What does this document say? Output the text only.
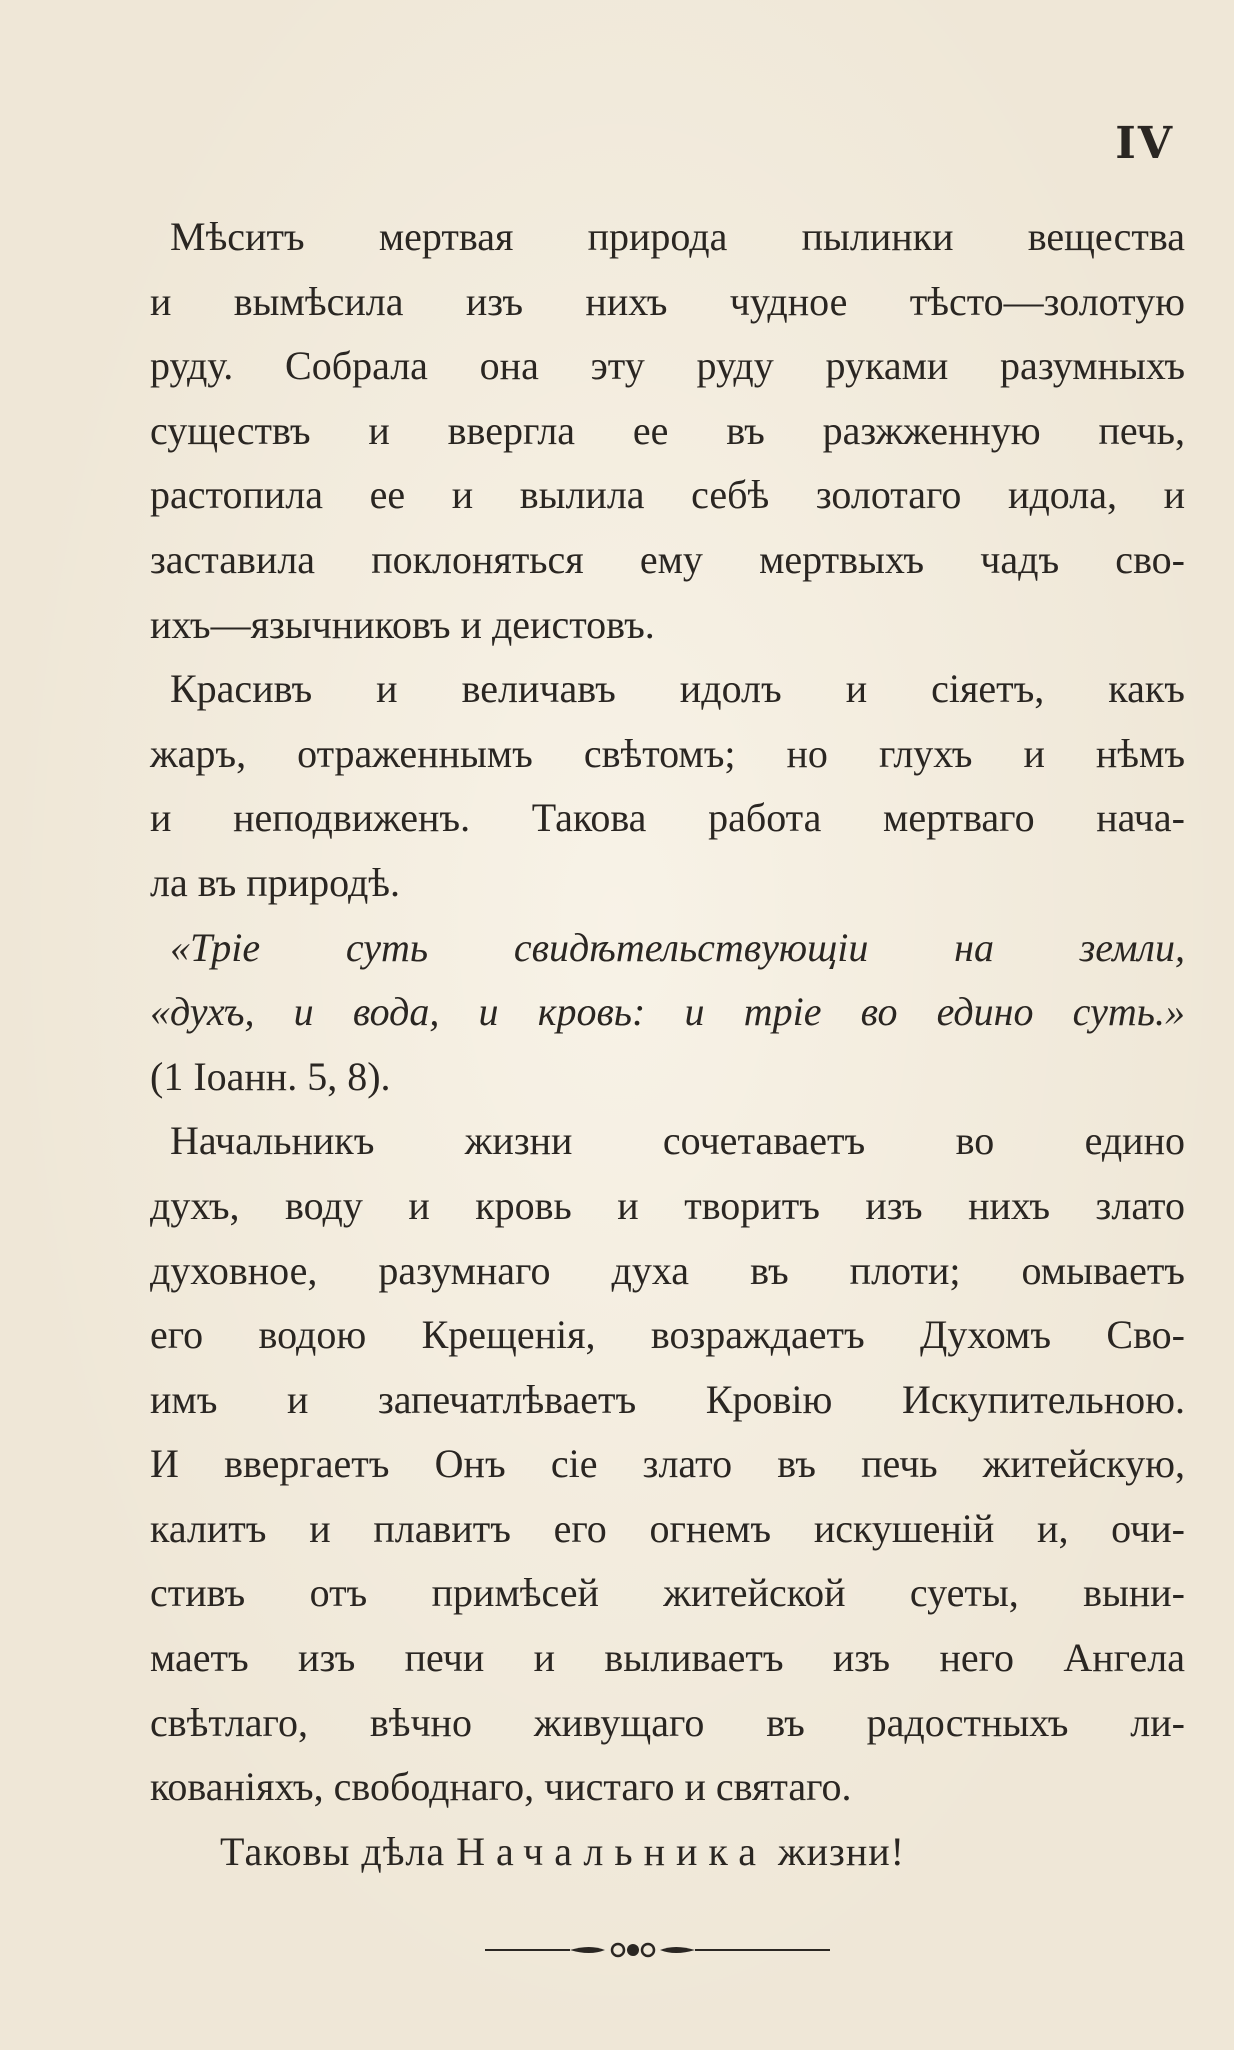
IV
Мѣситъ мертвая природа пылинки вещества
и вымѣсила изъ нихъ чудное тѣсто—золотую
руду. Собрала она эту руду руками разумныхъ
существъ и ввергла ее въ разжженную печь,
растопила ее и вылила себѣ золотаго идола, и
заставила поклоняться ему мертвыхъ чадъ сво-
ихъ—язычниковъ и деистовъ.
Красивъ и величавъ идолъ и сіяетъ, какъ
жаръ, отраженнымъ свѣтомъ; но глухъ и нѣмъ
и неподвиженъ. Такова работа мертваго нача-
ла въ природѣ.
«Тріе суть свидѣтельствующіи на земли,
«духъ, и вода, и кровь: и тріе во едино суть.»
(1 Іоанн. 5, 8).
Начальникъ жизни сочетаваетъ во едино
духъ, воду и кровь и творитъ изъ нихъ злато
духовное, разумнаго духа въ плоти; омываетъ
его водою Крещенія, возраждаетъ Духомъ Сво-
имъ и запечатлѣваетъ Кровію Искупительною.
И ввергаетъ Онъ сіе злато въ печь житейскую,
калитъ и плавитъ его огнемъ искушеній и, очи-
стивъ отъ примѣсей житейской суеты, выни-
маетъ изъ печи и выливаетъ изъ него Ангела
свѣтлаго, вѣчно живущаго въ радостныхъ ли-
кованіяхъ, свободнаго, чистаго и святаго.
Таковы дѣла Начальника жизни!
